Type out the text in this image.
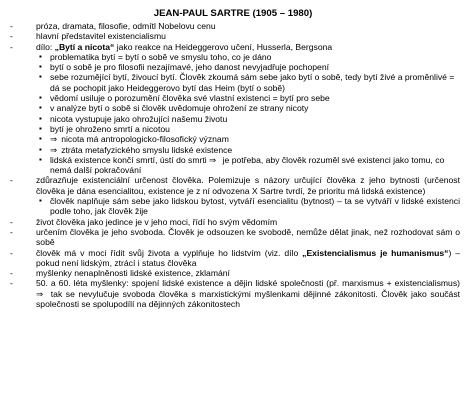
JEAN-PAUL SARTRE (1905 – 1980)
- próza, dramata, filosofie, odmítl Nobelovu cenu
- hlavní představitel existencialismu
- dílo: „Bytí a nicota“ jako reakce na Heideggerovo učení, Husserla, Bergsona
▪ problematika bytí = bytí o sobě ve smyslu toho, co je dáno
▪ bytí o sobě je pro filosofii nezajímavé, jeho danost nevyjadřuje pochopení
▪ sebe rozumějící bytí, živoucí bytí. Člověk zkoumá sám sebe jako bytí o sobě, tedy bytí živé a proměnlivé = dá se pochopit jako Heideggerovo bytí das Heim (bytí o sobě)
▪ vědomí usiluje o porozumění člověka své vlastní existenci = bytí pro sebe
▪ v analýze bytí o sobě si člověk uvědomuje ohrožení ze strany nicoty
▪ nicota vystupuje jako ohrožující našemu životu
▪ bytí je ohroženo smrtí a nicotou
▪ ⇒ nicota má antropologicko-filosofický význam
▪ ⇒ ztráta metafyzického smyslu lidské existence
▪ lidská existence končí smrtí, ústí do smrti ⇒ je potřeba, aby člověk rozuměl své existenci jako tomu, co nemá další pokračování
- zdůrazňuje existenciální určenost člověka. Polemizuje s názory určující člověka z jeho bytnosti (určenost člověka je dána esencialitou, existence je z ní odvozena X Sartre tvrdí, že prioritu má lidská existence)
▪ člověk naplňuje sám sebe jako lidskou bytost, vytváří esencialitu (bytnost) – ta se vytváří v lidské existenci podle toho, jak člověk žije
- život člověka jako jedince je v jeho moci, řídí ho svým vědomím
- určením člověka je jeho svoboda. Člověk je odsouzen ke svobodě, nemůže dělat jinak, než rozhodovat sám o sobě
- člověk má v moci řídit svůj života a vyplňuje ho lidstvím (viz. dílo „Existencialismus je humanismus“) – pokud není lidským, ztrácí i status člověka
- myšlenky nenaplněnosti lidské existence, zklamání
- 50. a 60. léta myšlenky: spojení lidské existence a dějin lidské společnosti (př. marxismus + existencialismus) ⇒ tak se nevylučuje svoboda člověka s marxistickými myšlenkami dějinné zákonitosti. Člověk jako součást společnosti se spolupodílí na dějinných zákonitostech
